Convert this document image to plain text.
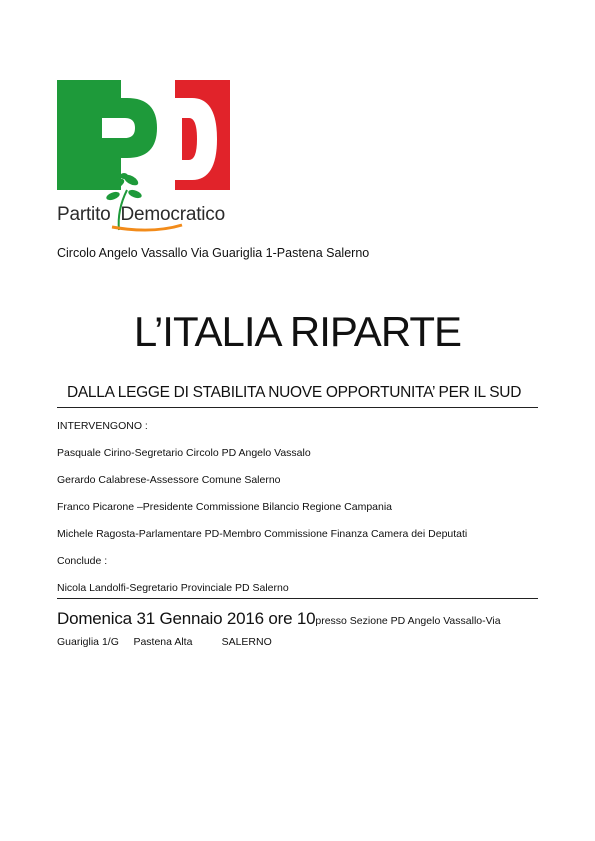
Partito Democratico
Circolo Angelo Vassallo Via Guariglia 1-Pastena Salerno
L’ITALIA RIPARTE
DALLA LEGGE DI STABILITA NUOVE OPPORTUNITA’ PER IL SUD
INTERVENGONO :
Pasquale Cirino-Segretario Circolo PD Angelo Vassalo
Gerardo Calabrese-Assessore Comune Salerno
Franco Picarone –Presidente Commissione Bilancio Regione Campania
Michele Ragosta-Parlamentare PD-Membro Commissione Finanza Camera dei Deputati
Conclude :
Nicola Landolfi-Segretario Provinciale PD Salerno
Domenica 31 Gennaio 2016 ore 10presso Sezione PD Angelo Vassallo-Via
Guariglia 1/G     Pastena Alta          SALERNO
